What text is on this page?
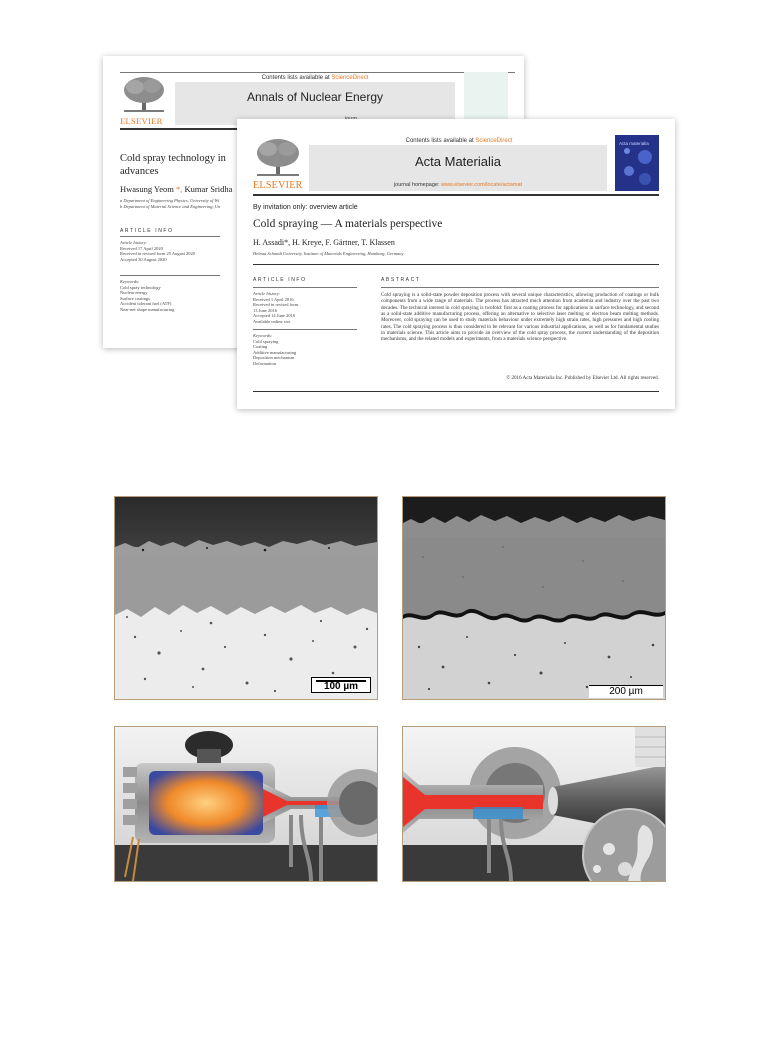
ELSEVIER
Contents lists available at ScienceDirect
Annals of Nuclear Energy
Cold spray technology in
advances
Hwasung Yeom *, Kumar Sridha
a Department of Engineering Physics, University of Wi
b Department of Material Science and Engineering, Un
ARTICLE INFO
Article history:
Received 17 April 2020
Received in revised form 25 August 2020
Accepted 30 August 2020
Keywords:
Cold spray technology
Nuclear energy
Surface coatings
Accident tolerant fuel (ATF)
Near-net shape manufacturing
ELSEVIER
Contents lists available at ScienceDirect
Acta Materialia
journal homepage: www.elsevier.com/locate/actamat
Acta materialia
By invitation only: overview article
Cold spraying — A materials perspective
H. Assadi*, H. Kreye, F. Gärtner, T. Klassen
Helmut Schmidt University, Institute of Materials Engineering, Hamburg, Germany
ARTICLE INFO	ABSTRACT
Article history:
Received 1 April 2016
Received in revised form
13 June 2016
Accepted 14 June 2016
Available online xxx
Keywords:
Cold spraying
Coating
Additive manufacturing
Deposition mechanism
Deformation
Cold spraying is a solid-state powder deposition process with several unique characteristics, allowing production of coatings or bulk components from a wide range of materials. The process has attracted much attention from academia and industry over the past two decades. The technical interest in cold spraying is twofold: first as a coating process for applications in surface technology, and second as a solid-state additive manufacturing process, offering an alternative to selective laser melting or electron beam melting methods. Moreover, cold spraying can be used to study materials behaviour under extremely high strain rates, high pressures and high cooling rates. The cold spraying process is thus considered to be relevant for various industrial applications, as well as for fundamental studies in materials science. This article aims to provide an overview of the cold spray process, the current understanding of the deposition mechanisms, and the related models and experiments, from a materials science perspective.
© 2016 Acta Materialia Inc. Published by Elsevier Ltd. All rights reserved.
100 µm	200 µm
